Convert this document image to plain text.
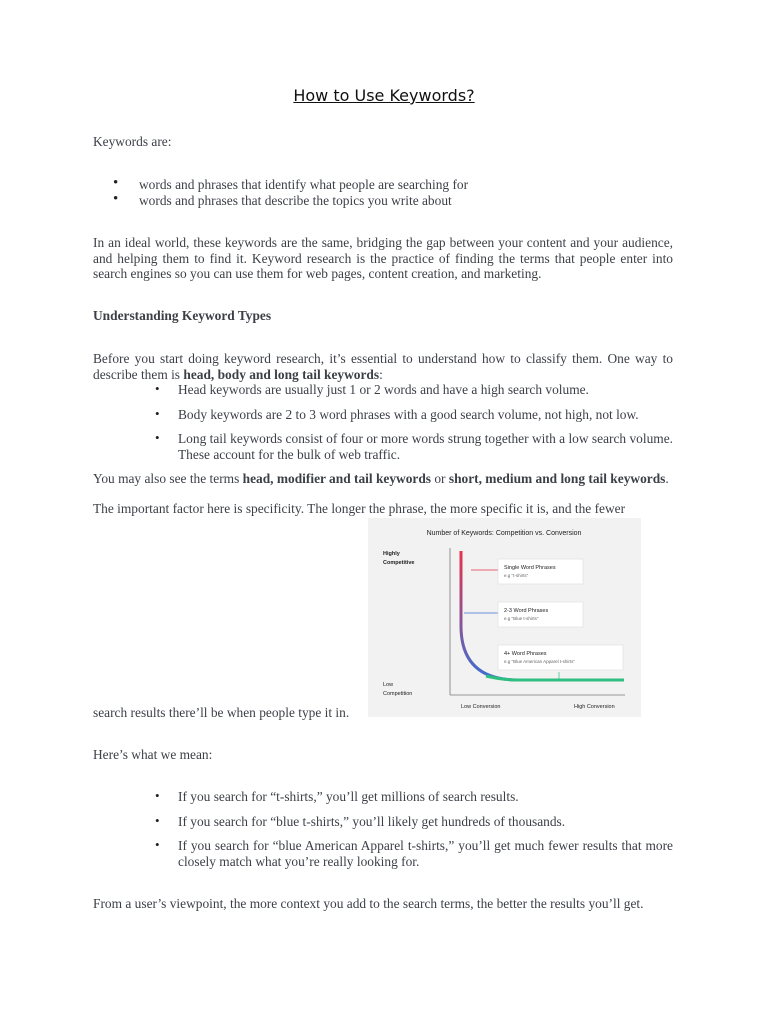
How to Use Keywords?
Keywords are:
• words and phrases that identify what people are searching for
• words and phrases that describe the topics you write about
In an ideal world, these keywords are the same, bridging the gap between your content and your audience, and helping them to find it. Keyword research is the practice of finding the terms that people enter into search engines so you can use them for web pages, content creation, and marketing.
Understanding Keyword Types
Before you start doing keyword research, it’s essential to understand how to classify them. One way to describe them is head, body and long tail keywords:
• Head keywords are usually just 1 or 2 words and have a high search volume.
• Body keywords are 2 to 3 word phrases with a good search volume, not high, not low.
• Long tail keywords consist of four or more words strung together with a low search volume. These account for the bulk of web traffic.
You may also see the terms head, modifier and tail keywords or short, medium and long tail keywords.
The important factor here is specificity. The longer the phrase, the more specific it is, and the fewer
Number of Keywords: Competition vs. Conversion
Highly
Competitive
Low
Competition
Low Conversion	High Conversion
Single Word Phrases
e.g "t-shirts"
2-3 Word Phrases
e.g "Blue t-shirts"
4+ Word Phrases
e.g "Blue American Apparel t-shirts"
search results there’ll be when people type it in.
Here’s what we mean:
• If you search for “t-shirts,” you’ll get millions of search results.
• If you search for “blue t-shirts,” you’ll likely get hundreds of thousands.
• If you search for “blue American Apparel t-shirts,” you’ll get much fewer results that more closely match what you’re really looking for.
From a user’s viewpoint, the more context you add to the search terms, the better the results you’ll get.
